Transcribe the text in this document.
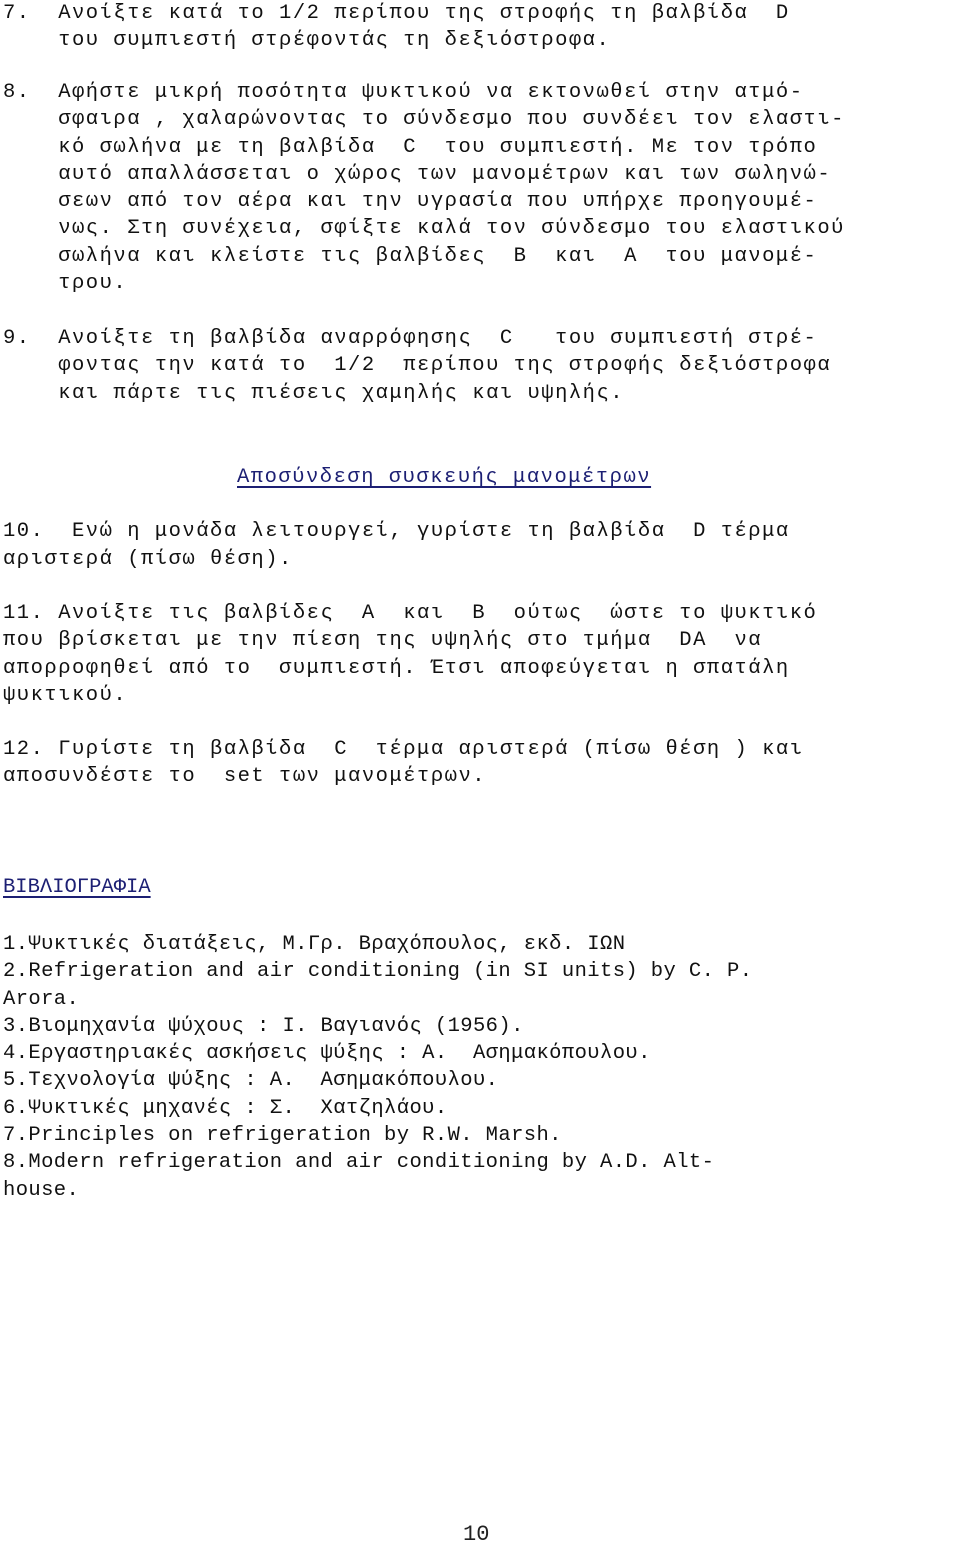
7.  Ανοίξτε κατά το 1/2 περίπου της στροφής τη βαλβίδα  D
του συμπιεστή στρέφοντάς τη δεξιόστροφα.
8.  Αφήστε μικρή ποσότητα ψυκτικού να εκτονωθεί στην ατμό-
σφαιρα , χαλαρώνοντας το σύνδεσμο που συνδέει τον ελαστι-
κό σωλήνα με τη βαλβίδα  C  του συμπιεστή. Με τον τρόπο
αυτό απαλλάσσεται ο χώρος των μανομέτρων και των σωληνώ-
σεων από τον αέρα και την υγρασία που υπήρχε προηγουμέ-
νως. Στη συνέχεια, σφίξτε καλά τον σύνδεσμο του ελαστικού
σωλήνα και κλείστε τις βαλβίδες  B  και  A  του μανομέ-
τρου.
9.  Ανοίξτε τη βαλβίδα αναρρόφησης  C   του συμπιεστή στρέ-
φοντας την κατά το  1/2  περίπου της στροφής δεξιόστροφα
και πάρτε τις πιέσεις χαμηλής και υψηλής.
Αποσύνδεση συσκευής μανομέτρων
10.  Ενώ η μονάδα λειτουργεί, γυρίστε τη βαλβίδα  D τέρμα
αριστερά (πίσω θέση).
11. Ανοίξτε τις βαλβίδες  A  και  B  ούτως  ώστε το ψυκτικό
που βρίσκεται με την πίεση της υψηλής στο τμήμα  DA  να
απορροφηθεί από το  συμπιεστή. Έτσι αποφεύγεται η σπατάλη
ψυκτικού.
12. Γυρίστε τη βαλβίδα  C  τέρμα αριστερά (πίσω θέση ) και
αποσυνδέστε το  set των μανομέτρων.
ΒΙΒΛΙΟΓΡΑΦΙΑ
1.Ψυκτικές διατάξεις, Μ.Γρ. Βραχόπουλος, εκδ. ΙΩΝ
2.Refrigeration and air conditioning (in SI units) by C. P.
Arora.
3.Βιομηχανία ψύχους : Ι. Βαγιανός (1956).
4.Εργαστηριακές ασκήσεις ψύξης : Α.  Ασημακόπουλου.
5.Τεχνολογία ψύξης : Α.  Ασημακόπουλου.
6.Ψυκτικές μηχανές : Σ.  Χατζηλάου.
7.Principles on refrigeration by R.W. Marsh.
8.Modern refrigeration and air conditioning by A.D. Alt-
house.
10
